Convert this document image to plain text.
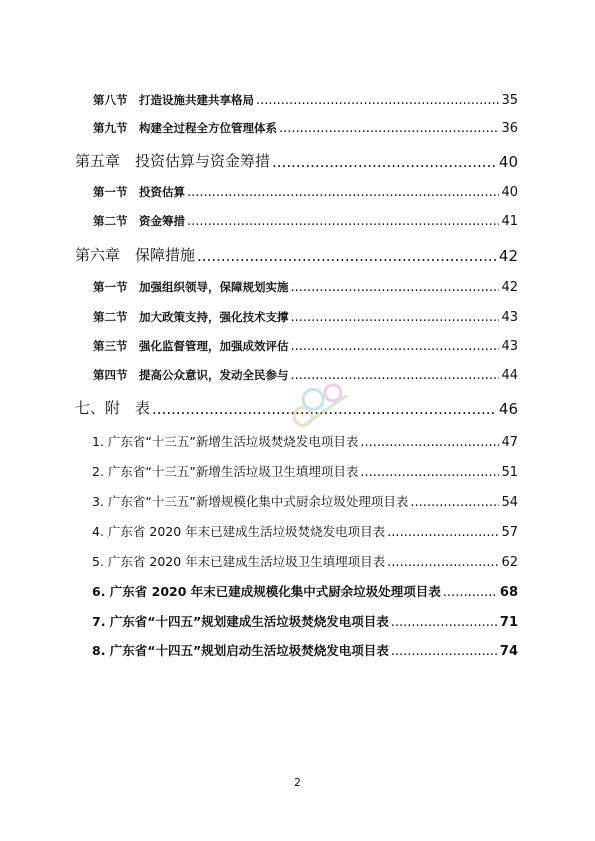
第八节　打造设施共建共享格局 .....	35
第九节　构建全过程全方位管理体系 .....	36
第五章　投资估算与资金筹措 .....	40
第一节　投资估算 .....	40
第二节　资金筹措 .....	41
第六章　保障措施 .....	42
第一节　加强组织领导，保障规划实施 .....	42
第二节　加大政策支持，强化技术支撑 .....	43
第三节　强化监督管理，加强成效评估 .....	43
第四节　提高公众意识，发动全民参与 .....	44
七、附　表 .....	46
1. 广东省“十三五”新增生活垃圾焚烧发电项目表 .....	47
2. 广东省“十三五”新增生活垃圾卫生填埋项目表 .....	51
3. 广东省“十三五”新增规模化集中式厨余垃圾处理项目表 .....	54
4. 广东省 2020 年末已建成生活垃圾焚烧发电项目表 .....	57
5. 广东省 2020 年末已建成生活垃圾卫生填埋项目表 .....	62
6. 广东省 2020 年末已建成规模化集中式厨余垃圾处理项目表 .....	68
7. 广东省“十四五”规划建成生活垃圾焚烧发电项目表 .....	71
8. 广东省“十四五”规划启动生活垃圾焚烧发电项目表 .....	74
2
